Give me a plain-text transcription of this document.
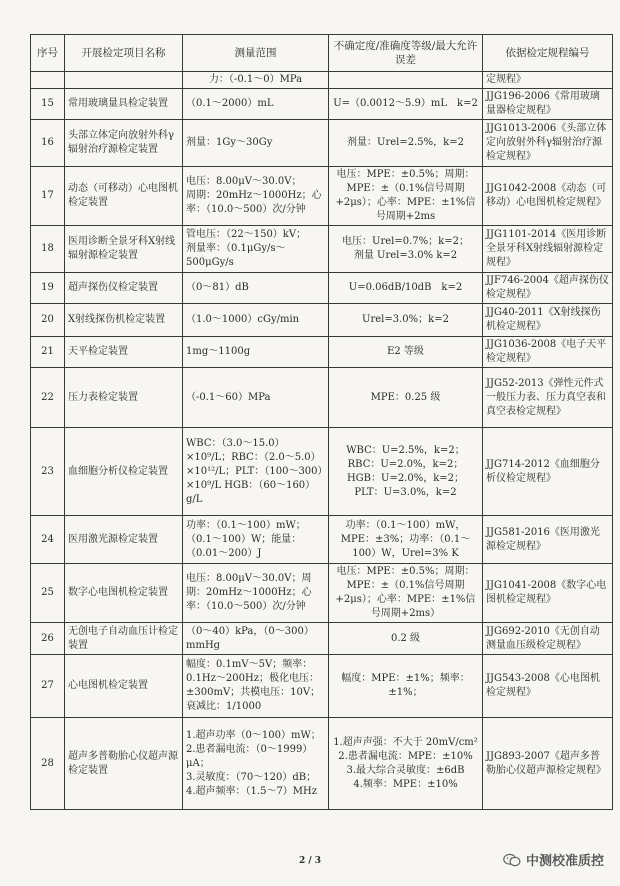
序号	开展检定项目名称	测量范围	不确定度/准确度等级/最大允许误差	依据检定规程编号
		力：（-0.1～0）MPa		定规程》
15	常用玻璃量具检定装置	（0.1～2000）mL	U=（0.0012～5.9）mL　k=2	JJG196-2006《常用玻璃量器检定规程》
16	头部立体定向放射外科γ辐射治疗源检定装置	剂量：1Gy～30Gy	剂量：Urel=2.5%，k=2	JJG1013-2006《头部立体定向放射外科γ辐射治疗源检定规程》
17	动态（可移动）心电图机检定装置	电压：8.00μV～30.0V；
周期：20mHz～1000Hz；心率：（10.0～500）次/分钟	电压：MPE：±0.5%；周期：MPE：±（0.1%信号周期+2μs）；心率：MPE：±1%信号周期+2ms	JJG1042-2008《动态（可移动）心电图机检定规程》
18	医用诊断全景牙科X射线辐射源检定装置	管电压：（22～150）kV；
剂量率：（0.1μGy/s～500μGy/s	电压：Urel=0.7%；k=2；
剂量 Urel=3.0% k=2	JJG1101-2014《医用诊断全景牙科X射线辐射源检定规程》
19	超声探伤仪检定装置	（0～81）dB	U=0.06dB/10dB　k=2	JJF746-2004《超声探伤仪检定规程》
20	X射线探伤机检定装置	（1.0～1000）cGy/min	Urel=3.0%；k=2	JJG40-2011《X射线探伤机检定规程》
21	天平检定装置	1mg～1100g	E2 等级	JJG1036-2008《电子天平检定规程》
22	压力表检定装置	（-0.1～60）MPa	MPE：0.25 级	JJG52-2013《弹性元件式一般压力表、压力真空表和真空表检定规程》
23	血细胞分析仪检定装置	WBC：（3.0～15.0）×10⁹/L；RBC：（2.0～5.0）×10¹²/L；PLT：（100～300）×10⁹/L HGB：（60～160）g/L	WBC：U=2.5%，k=2；
RBC：U=2.0%，k=2；
HGB：U=2.0%，k=2；
PLT：U=3.0%，k=2	JJG714-2012《血细胞分析仪检定规程》
24	医用激光源检定装置	功率：（0.1～100）mW；（0.1～100）W；能量：（0.01～200）J	功率：（0.1～100）mW，MPE：±3%；功率：（0.1～100）W，Urel=3% K	JJG581-2016《医用激光源检定规程》
25	数字心电图机检定装置	电压：8.00μV～30.0V；周期：20mHz～1000Hz；心率：（10.0～500）次/分钟	电压：MPE：±0.5%；周期：MPE：±（0.1%信号周期+2μs）；心率：MPE：±1%信号周期+2ms）	JJG1041-2008《数字心电图机检定规程》
26	无创电子自动血压计检定装置	（0～40）kPa，（0～300）mmHg	0.2 级	JJG692-2010《无创自动测量血压级检定规程》
27	心电图机检定装置	幅度：0.1mV～5V；频率：0.1Hz～200Hz；极化电压：±300mV；共模电压：10V；衰减比：1/1000	幅度：MPE：±1%；频率：±1%；	JJG543-2008《心电图机检定规程》
28	超声多普勒胎心仪超声源检定装置	1.超声功率（0～100）mW；
2.患者漏电流：（0～1999）μA；
3.灵敏度：（70～120）dB；
4.超声频率：（1.5～7）MHz	1.超声声强：不大于 20mV/cm²
2.患者漏电流：MPE：±10%
3.最大综合灵敏度：±6dB
4.频率：MPE：±10%	JJG893-2007《超声多普勒胎心仪超声源检定规程》
2 / 3	中测校准质控
